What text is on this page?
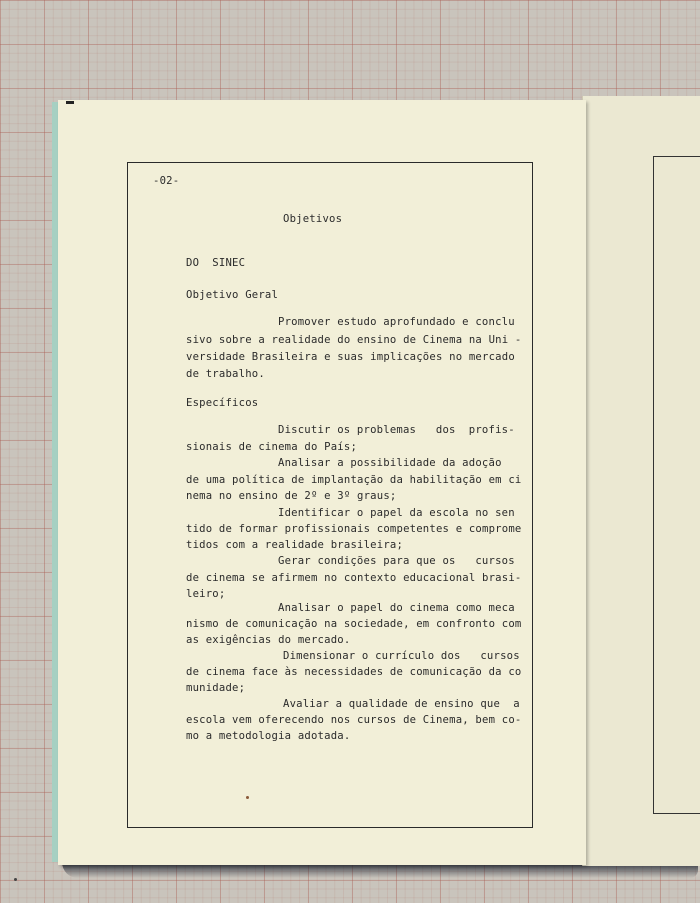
-02-

Objetivos

DO  SINEC

Objetivo Geral

Promover estudo aprofundado e conclu

sivo sobre a realidade do ensino de Cinema na Uni -

versidade Brasileira e suas implicações no mercado

de trabalho.

Específicos

Discutir os problemas   dos  profis-

sionais de cinema do País;

Analisar a possibilidade da adoção

de uma política de implantação da habilitação em ci

nema no ensino de 2º e 3º graus;

Identificar o papel da escola no sen

tido de formar profissionais competentes e comprome

tidos com a realidade brasileira;

Gerar condições para que os   cursos

de cinema se afirmem no contexto educacional brasi-

leiro;

Analisar o papel do cinema como meca

nismo de comunicação na sociedade, em confronto com

as exigências do mercado.

Dimensionar o currículo dos   cursos

de cinema face às necessidades de comunicação da co

munidade;

Avaliar a qualidade de ensino que  a

escola vem oferecendo nos cursos de Cinema, bem co-

mo a metodologia adotada.
